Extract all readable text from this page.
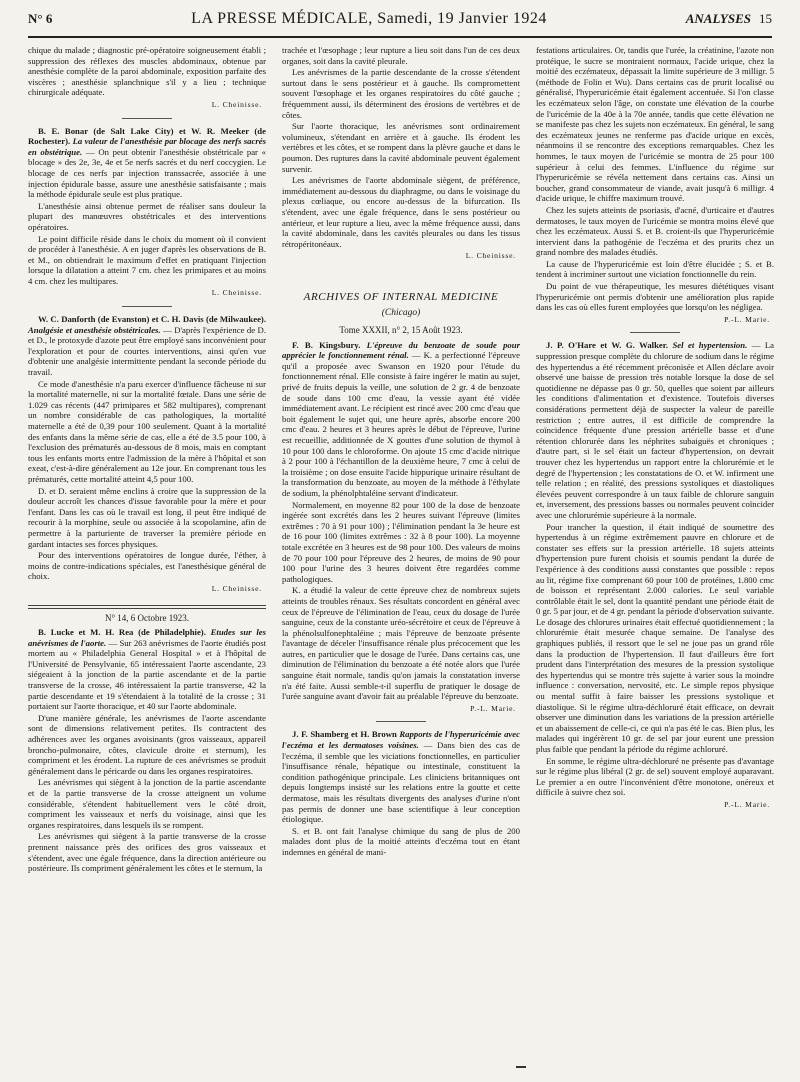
N° 6	LA PRESSE MÉDICALE, Samedi, 19 Janvier 1924	ANALYSES 15

chique du malade ; diagnostic pré-opératoire soigneusement établi ; suppression des réflexes des muscles abdominaux, obtenue par anesthésie complète de la paroi abdominale, exposition parfaite des viscères ; anesthésie splanchnique s'il y a lieu ; technique chirurgicale adéquate.

L. Cheinisse.

B. E. Bonar (de Salt Lake City) et W. R. Meeker (de Rochester). La valeur de l'anesthésie par blocage des nerfs sacrés en obstétrique. — On peut obtenir l'anesthésie obstétricale par « blocage » des 2e, 3e, 4e et 5e nerfs sacrés et du nerf coccygien. Le blocage de ces nerfs par injection transsacrée, associée à une injection épidurale basse, assure une anesthésie satisfaisante ; mais la méthode épidurale seule est plus pratique.

L'anesthésie ainsi obtenue permet de réaliser sans douleur la plupart des manœuvres obstétricales et des interventions opératoires.

Le point difficile réside dans le choix du moment où il convient de procéder à l'anesthésie. A en juger d'après les observations de B. et M., on obtiendrait le maximum d'effet en pratiquant l'injection lorsque la dilatation a atteint 7 cm. chez les primipares et au moins 4 cm. chez les multipares.

L. Cheinisse.

W. C. Danforth (de Evanston) et C. H. Davis (de Milwaukee). Analgésie et anesthésie obstétricales. — D'après l'expérience de D. et D., le protoxyde d'azote peut être employé sans inconvénient pour l'exploration et pour de courtes interventions, ainsi qu'en vue d'obtenir une analgésie intermittente pendant la seconde période du travail.

Ce mode d'anesthésie n'a paru exercer d'influence fâcheuse ni sur la mortalité maternelle, ni sur la mortalité fœtale. Dans une série de 1.029 cas récents (447 primipares et 582 multipares), comprenant un nombre considérable de cas pathologiques, la mortalité maternelle a été de 0,39 pour 100 seulement. Quant à la mortalité des enfants dans la même série de cas, elle a été de 3.5 pour 100, à l'exclusion des prématurés au-dessous de 8 mois, mais en comptant tous les enfants morts entre l'admission de la mère à l'hôpital et son exeat, c'est-à-dire généralement au 12e jour. En comprenant tous les prématurés, cette mortalité atteint 4,5 pour 100.

D. et D. seraient même enclins à croire que la suppression de la douleur accroît les chances d'issue favorable pour la mère et pour l'enfant. Dans les cas où le travail est long, il peut être indiqué de recourir à la morphine, seule ou associée à la scopolamine, afin de permettre à la parturiente de traverser la première période en gardant intactes ses forces physiques.

Pour des interventions opératoires de longue durée, l'éther, à moins de contre-indications spéciales, est l'anesthésique général de choix.

L. Cheinisse.
N° 14, 6 Octobre 1923.

B. Lucke et M. H. Rea (de Philadelphie). Etudes sur les anévrismes de l'aorte. — Sur 263 anévrismes de l'aorte étudiés post mortem au « Philadelphia General Hospital » et à l'hôpital de l'Université de Pensylvanie, 65 intéressaient l'aorte ascendante, 23 siégeaient à la jonction de la partie ascendante et de la partie transverse de la crosse, 46 intéressaient la partie transverse, 42 la partie descendante et 19 s'étendaient à la totalité de la crosse ; 31 portaient sur l'aorte thoracique, et 40 sur l'aorte abdominale.

D'une manière générale, les anévrismes de l'aorte ascendante sont de dimensions relativement petites. Ils contractent des adhérences avec les organes avoisinants (gros vaisseaux, appareil broncho-pulmonaire, côtes, clavicule droite et sternum), les compriment et les érodent. La rupture de ces anévrismes se produit généralement dans le péricarde ou dans les organes respiratoires.

Les anévrismes qui siègent à la jonction de la partie ascendante et de la partie transverse de la crosse atteignent un volume considérable, s'étendent habituellement vers le côté droit, compriment les vaisseaux et nerfs du voisinage, ainsi que les organes respiratoires, dans lesquels ils se rompent.

Les anévrismes qui siègent à la partie transverse de la crosse prennent naissance près des orifices des gros vaisseaux et s'étendent, avec une égale fréquence, dans la direction antérieure ou postérieure. Ils compriment généralement les côtes et le sternum, la

trachée et l'œsophage ; leur rupture a lieu soit dans l'un de ces deux organes, soit dans la cavité pleurale.

Les anévrismes de la partie descendante de la crosse s'étendent surtout dans le sens postérieur et à gauche. Ils compromettent souvent l'œsophage et les organes respiratoires du côté gauche ; fréquemment aussi, ils déterminent des érosions de vertèbres et de côtes.

Sur l'aorte thoracique, les anévrismes sont ordinairement volumineux, s'étendant en arrière et à gauche. Ils érodent les vertèbres et les côtes, et se rompent dans la plèvre gauche et dans le poumon. Des ruptures dans la cavité abdominale peuvent également survenir.

Les anévrismes de l'aorte abdominale siègent, de préférence, immédiatement au-dessous du diaphragme, ou dans le voisinage du plexus cœliaque, ou encore au-dessus de la bifurcation. Ils s'étendent, avec une égale fréquence, dans le sens postérieur ou antérieur, et leur rupture a lieu, avec la même fréquence aussi, dans la cavité abdominale, dans les cavités pleurales ou dans les tissus rétropéritonéaux.

L. Cheinisse.
ARCHIVES OF INTERNAL MEDICINE
(Chicago)
Tome XXXII, n° 2, 15 Août 1923.

F. B. Kingsbury. L'épreuve du benzoate de soude pour apprécier le fonctionnement rénal. — K. a perfectionné l'épreuve qu'il a proposée avec Swanson en 1920 pour l'étude du fonctionnement rénal. Elle consiste à faire ingérer le matin au sujet, privé de fruits depuis la veille, une solution de 2 gr. 4 de benzoate de soude dans 100 cmc d'eau, la vessie ayant été vidée immédiatement avant. Le récipient est rincé avec 200 cmc d'eau que boit également le sujet qui, une heure après, absorbe encore 200 cmc d'eau. 2 heures et 3 heures après le début de l'épreuve, l'urine est recueillie, additionnée de X gouttes d'une solution de thymol à 10 pour 100 dans le chloroforme. On ajoute 15 cmc d'acide nitrique à 2 pour 100 à l'échantillon de la deuxième heure, 7 cmc à celui de la troisième ; on dose ensuite l'acide hippurique urinaire résultant de la transformation du benzoate, au moyen de la méthode à l'éthylate de sodium, la phénolphtaléine servant d'indicateur.

Normalement, en moyenne 82 pour 100 de la dose de benzoate ingérée sont excrétés dans les 2 heures suivant l'épreuve (limites extrêmes : 70 à 91 pour 100) ; l'élimination pendant la 3e heure est de 16 pour 100 (limites extrêmes : 32 à 8 pour 100). La moyenne totale excrétée en 3 heures est de 98 pour 100. Des valeurs de moins de 70 pour 100 pour l'épreuve des 2 heures, de moins de 90 pour 100 pour l'urine des 3 heures doivent être regardées comme pathologiques.

K. a étudié la valeur de cette épreuve chez de nombreux sujets atteints de troubles rénaux. Ses résultats concordent en général avec ceux de l'épreuve de l'élimination de l'eau, ceux du dosage de l'urée sanguine, ceux de la constante uréo-sécrétoire et ceux de l'épreuve à la phénolsulfonephtaléine ; mais l'épreuve de benzoate présente l'avantage de déceler l'insuffisance rénale plus précocement que les autres, en particulier que le dosage de l'urée. Dans certains cas, une diminution de l'élimination du benzoate a été notée alors que l'urée sanguine était normale, tandis qu'on jamais la constatation inverse n'a été faite. Aussi semble-t-il superflu de pratiquer le dosage de l'urée sanguine avant d'avoir fait au préalable l'épreuve du benzoate.

P.-L. Marie.

J. F. Shamberg et H. Brown Rapports de l'hyperuricémie avec l'eczéma et les dermatoses voisines. — Dans bien des cas de l'eczéma, il semble que les viciations fonctionnelles, en particulier l'insuffisance rénale, hépatique ou intestinale, constituent la condition pathogénique principale. Les cliniciens britanniques ont depuis longtemps insisté sur les relations entre la goutte et cette dermatose, mais les résultats divergents des analyses d'urine n'ont pas permis de donner une base scientifique à leur conception étiologique.

S. et B. ont fait l'analyse chimique du sang de plus de 200 malades dont plus de la moitié atteints d'eczéma tout en étant indemnes en général de mani-

festations articulaires. Or, tandis que l'urée, la créatinine, l'azote non protéique, le sucre se montraient normaux, l'acide urique, chez la moitié des eczémateux, dépassait la limite supérieure de 3 milligr. 5 (méthode de Folin et Wu). Dans certains cas de prurit localisé ou généralisé, l'hyperuricémie était également accentuée. Si l'on classe les eczémateux selon l'âge, on constate une élévation de la courbe de l'uricémie de la 40e à la 70e année, tandis que cette élévation ne se manifeste pas chez les sujets non eczémateux. En général, le sang des eczémateux jeunes ne renferme pas d'acide urique en excès, néanmoins il se rencontre des exceptions remarquables. Chez les hommes, le taux moyen de l'uricémie se montra de 25 pour 100 supérieur à celui des femmes. L'influence du régime sur l'hyperuricémie se révéla nettement dans certains cas. Ainsi un boucher, grand consommateur de viande, avait jusqu'à 6 milligr. 4 d'acide urique, le chiffre maximum trouvé.

Chez les sujets atteints de psoriasis, d'acné, d'urticaire et d'autres dermatoses, le taux moyen de l'uricémie se montra moins élevé que chez les eczémateux. Aussi S. et B. croient-ils que l'hyperuricémie intervient dans la pathogénie de l'eczéma et des prurits chez un grand nombre des malades étudiés.

La cause de l'hyperuricémie est loin d'être élucidée ; S. et B. tendent à incriminer surtout une viciation fonctionnelle du rein.

Du point de vue thérapeutique, les mesures diététiques visant l'hyperuricémie ont permis d'obtenir une amélioration plus rapide dans les cas où elles furent employées que lorsqu'on les négligea.

P.-L. Marie.

J. P. O'Hare et W. G. Walker. Sel et hypertension. — La suppression presque complète du chlorure de sodium dans le régime des hypertendus a été récemment préconisée et Allen déclare avoir observé une baisse de pression très notable lorsque la dose de sel quotidienne ne dépasse pas 0 gr. 50, quelles que soient par ailleurs les conditions d'alimentation et d'existence. Toutefois diverses considérations permettent déjà de suspecter la valeur de pareille restriction ; entre autres, il est difficile de comprendre la coïncidence fréquente d'une pression artérielle basse et d'une rétention chlorurée dans les néphrites subaiguës et chroniques ; d'autre part, si le sel était un facteur d'hypertension, on devrait trouver chez les hypertendus un rapport entre la chlorurémie et le degré de l'hypertension ; les constatations de O. et W. infirment une telle relation ; en réalité, des pressions systoliques et diastoliques élevées peuvent correspondre à un taux faible de chlorure sanguin et, inversement, des pressions basses ou normales peuvent coïncider avec une chlorurémie supérieure à la normale.

Pour trancher la question, il était indiqué de soumettre des hypertendus à un régime extrêmement pauvre en chlorure et de constater ses effets sur la pression artérielle. 18 sujets atteints d'hypertension pure furent choisis et soumis pendant la durée de l'expérience à des conditions aussi constantes que possible : repos au lit, régime fixe comprenant 60 pour 100 de protéines, 1.800 cmc de boisson et représentant 2.000 calories. Le seul variable contrôlable était le sel, dont la quantité pendant une période était de 0 gr. 5 par jour, et de 4 gr. pendant la période d'observation suivante. Le dosage des chlorures urinaires était effectué quotidiennement ; la chlorurémie était mesurée chaque semaine. De l'analyse des graphiques publiés, il ressort que le sel ne joue pas un grand rôle dans la production de l'hypertension. Il faut d'ailleurs être fort prudent dans l'interprétation des mesures de la pression systolique des hypertendus qui se montre très sujette à varier sous la moindre influence : conversation, nervosité, etc. Le simple repos physique ou mental suffit à faire baisser les pressions systolique et diastolique. Si le régime ultra-déchloruré était efficace, on devrait observer une diminution dans les variations de la pression artérielle et un abaissement de celle-ci, ce qui n'a pas été le cas. Bien plus, les malades qui ingérèrent 10 gr. de sel par jour eurent une pression plus faible que pendant la période du régime achloruré.

En somme, le régime ultra-déchloruré ne présente pas d'avantage sur le régime plus libéral (2 gr. de sel) souvent employé auparavant. Le premier a en outre l'inconvénient d'être monotone, onéreux et difficile à suivre chez soi.

P.-L. Marie.
